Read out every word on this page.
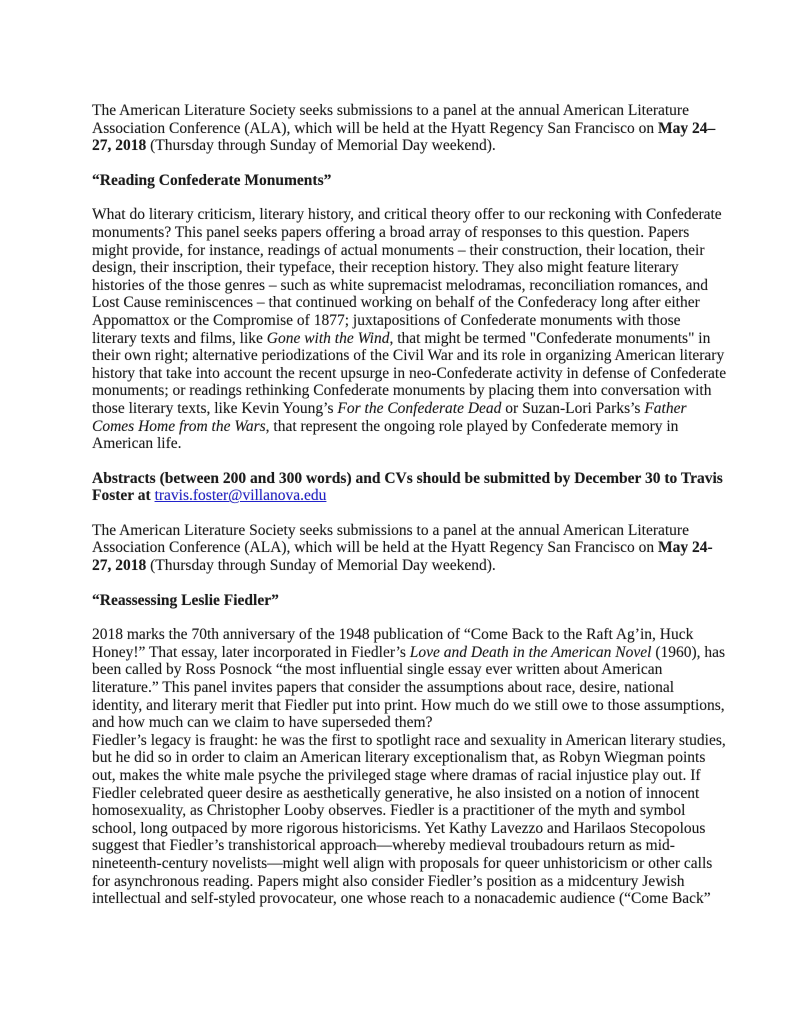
The American Literature Society seeks submissions to a panel at the annual American Literature Association Conference (ALA), which will be held at the Hyatt Regency San Francisco on May 24–27, 2018 (Thursday through Sunday of Memorial Day weekend).

“Reading Confederate Monuments”

What do literary criticism, literary history, and critical theory offer to our reckoning with Confederate monuments? This panel seeks papers offering a broad array of responses to this question. Papers might provide, for instance, readings of actual monuments – their construction, their location, their design, their inscription, their typeface, their reception history. They also might feature literary histories of the those genres – such as white supremacist melodramas, reconciliation romances, and Lost Cause reminiscences – that continued working on behalf of the Confederacy long after either Appomattox or the Compromise of 1877; juxtapositions of Confederate monuments with those literary texts and films, like Gone with the Wind, that might be termed "Confederate monuments" in their own right; alternative periodizations of the Civil War and its role in organizing American literary history that take into account the recent upsurge in neo-Confederate activity in defense of Confederate monuments; or readings rethinking Confederate monuments by placing them into conversation with those literary texts, like Kevin Young’s For the Confederate Dead or Suzan-Lori Parks’s Father Comes Home from the Wars, that represent the ongoing role played by Confederate memory in American life.

Abstracts (between 200 and 300 words) and CVs should be submitted by December 30 to Travis Foster at travis.foster@villanova.edu

The American Literature Society seeks submissions to a panel at the annual American Literature Association Conference (ALA), which will be held at the Hyatt Regency San Francisco on May 24-27, 2018 (Thursday through Sunday of Memorial Day weekend).

“Reassessing Leslie Fiedler”

2018 marks the 70th anniversary of the 1948 publication of “Come Back to the Raft Ag’in, Huck Honey!” That essay, later incorporated in Fiedler’s Love and Death in the American Novel (1960), has been called by Ross Posnock “the most influential single essay ever written about American literature.” This panel invites papers that consider the assumptions about race, desire, national identity, and literary merit that Fiedler put into print. How much do we still owe to those assumptions, and how much can we claim to have superseded them?
Fiedler’s legacy is fraught: he was the first to spotlight race and sexuality in American literary studies, but he did so in order to claim an American literary exceptionalism that, as Robyn Wiegman points out, makes the white male psyche the privileged stage where dramas of racial injustice play out. If Fiedler celebrated queer desire as aesthetically generative, he also insisted on a notion of innocent homosexuality, as Christopher Looby observes. Fiedler is a practitioner of the myth and symbol school, long outpaced by more rigorous historicisms. Yet Kathy Lavezzo and Harilaos Stecopolous suggest that Fiedler’s transhistorical approach—whereby medieval troubadours return as mid-nineteenth-century novelists—might well align with proposals for queer unhistoricism or other calls for asynchronous reading. Papers might also consider Fiedler’s position as a midcentury Jewish intellectual and self-styled provocateur, one whose reach to a nonacademic audience (“Come Back”
